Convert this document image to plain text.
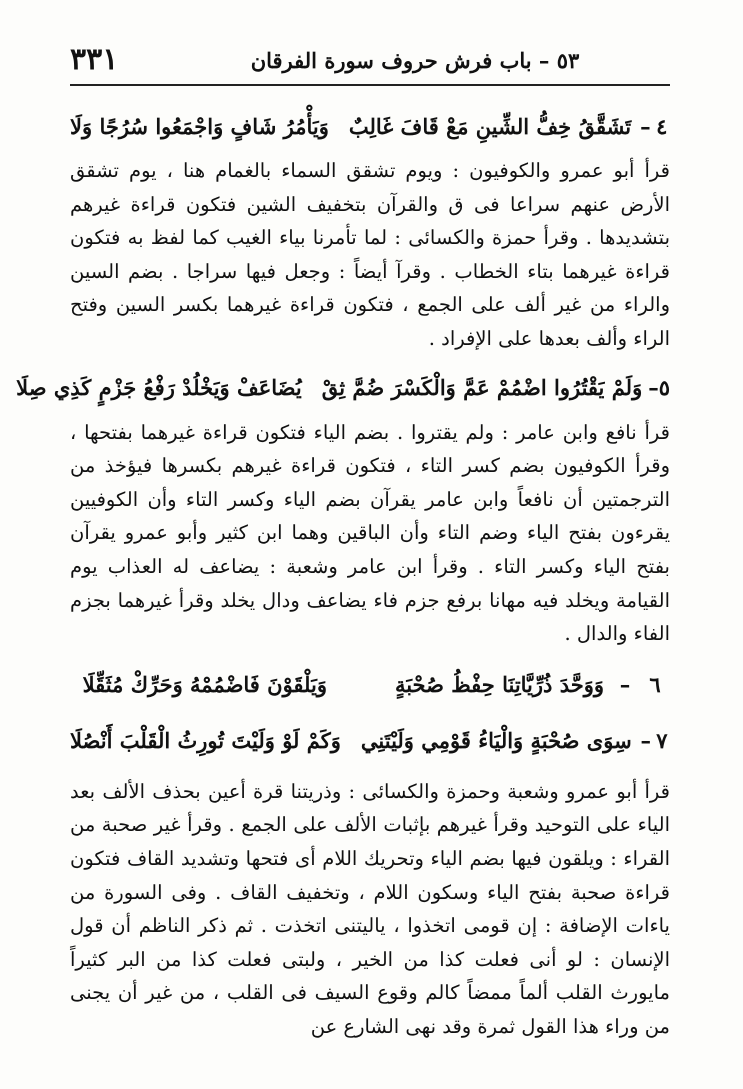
٥٣ – باب فرش حروف سورة الفرقان
٣٣١
٤
–
تَشَقَّقُ خِفُّ الشِّينِ مَعْ قَافَ غَالِبٌ
وَيَأْمُرُ شَافٍ وَاجْمَعُوا سُرُجًا وَلَا

قرأ أبو عمرو والكوفيون : ويوم تشقق السماء بالغمام هنا ، يوم تشقق الأرض عنهم سراعا فى ق والقرآن بتخفيف الشين فتكون قراءة غيرهم بتشديدها . وقرأ حمزة والكسائى : لما تأمرنا بياء الغيب كما لفظ به فتكون قراءة غيرهما بتاء الخطاب . وقرآ أيضاً : وجعل فيها سراجا . بضم السين والراء من غير ألف على الجمع ، فتكون قراءة غيرهما بكسر السين وفتح الراء وألف بعدها على الإفراد .

٥
–
وَلَمْ يَقْتُرُوا اضْمُمْ عَمَّ وَالْكَسْرَ ضُمَّ ثِقْ
يُضَاعَفْ وَيَخْلُدْ رَفْعُ جَزْمٍ كَذِي صِلَا

قرأ نافع وابن عامر : ولم يقتروا . بضم الياء فتكون قراءة غيرهما بفتحها ، وقرأ الكوفيون بضم كسر التاء ، فتكون قراءة غيرهم بكسرها فيؤخذ من الترجمتين أن نافعاً وابن عامر يقرآن بضم الياء وكسر التاء وأن الكوفيين يقرءون بفتح الياء وضم التاء وأن الباقين وهما ابن كثير وأبو عمرو يقرآن بفتح الياء وكسر التاء . وقرأ ابن عامر وشعبة : يضاعف له العذاب يوم القيامة ويخلد فيه مهانا برفع جزم فاء يضاعف ودال يخلد وقرأ غيرهما بجزم الفاء والدال .

٦
–
وَوَحَّدَ ذُرِّيَّاتِنَا حِفْظُ صُحْبَةٍ
وَيَلْقَوْنَ فَاضْمُمْهُ وَحَرِّكْ مُثَقِّلَا
٧
–
سِوَى صُحْبَةٍ وَالْيَاءُ قَوْمِي وَلَيْتَنِي
وَكَمْ لَوْ وَلَيْتَ تُورِثُ الْقَلْبَ أَنْصُلَا

قرأ أبو عمرو وشعبة وحمزة والكسائى : وذريتنا قرة أعين بحذف الألف بعد الياء على التوحيد وقرأ غيرهم بإثبات الألف على الجمع . وقرأ غير صحبة من القراء : ويلقون فيها بضم الياء وتحريك اللام أى فتحها وتشديد القاف فتكون قراءة صحبة بفتح الياء وسكون اللام ، وتخفيف القاف . وفى السورة من ياءات الإضافة : إن قومى اتخذوا ، ياليتنى اتخذت . ثم ذكر الناظم أن قول الإنسان : لو أنى فعلت كذا من الخير ، ولبتى فعلت كذا من البر كثيراً مايورث القلب ألماً ممضاً كالم وقوع السيف فى القلب ، من غير أن يجنى من وراء هذا القول ثمرة وقد نهى الشارع عن
